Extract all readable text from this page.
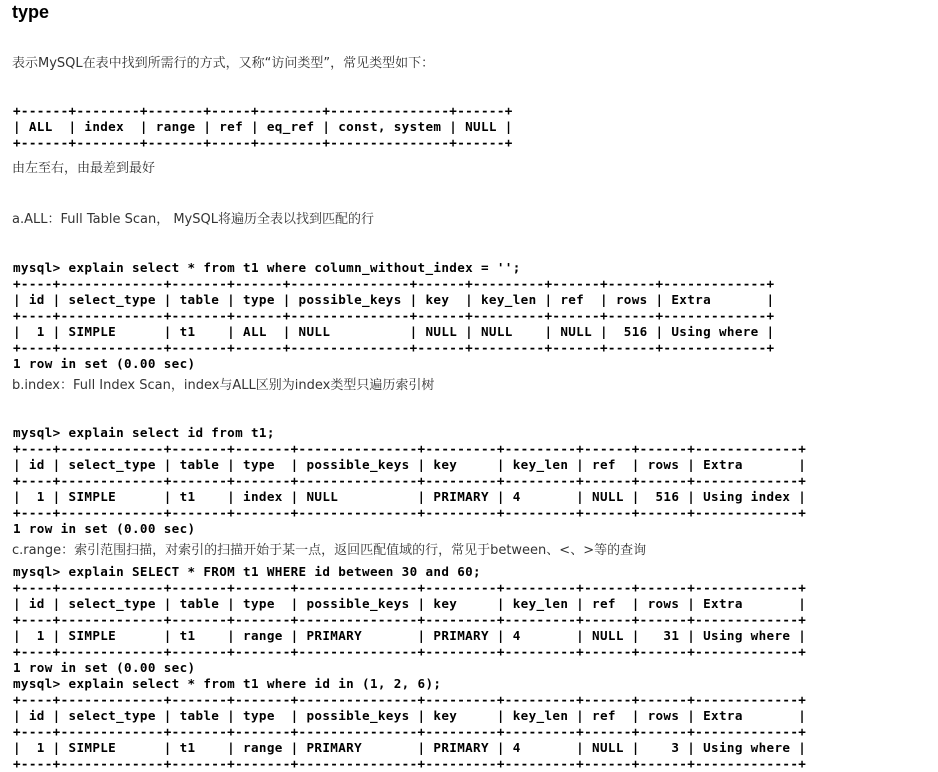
type

表示MySQL在表中找到所需行的方式，又称“访问类型”，常见类型如下：

+------+--------+-------+-----+--------+---------------+------+
| ALL  | index  | range | ref | eq_ref | const, system | NULL |
+------+--------+-------+-----+--------+---------------+------+

由左至右，由最差到最好

a.ALL：Full Table Scan， MySQL将遍历全表以找到匹配的行

mysql> explain select * from t1 where column_without_index = '';
+----+-------------+-------+------+---------------+------+---------+------+------+-------------+
| id | select_type | table | type | possible_keys | key  | key_len | ref  | rows | Extra       |
+----+-------------+-------+------+---------------+------+---------+------+------+-------------+
|  1 | SIMPLE      | t1    | ALL  | NULL          | NULL | NULL    | NULL |  516 | Using where |
+----+-------------+-------+------+---------------+------+---------+------+------+-------------+
1 row in set (0.00 sec)

b.index：Full Index Scan，index与ALL区别为index类型只遍历索引树

mysql> explain select id from t1;
+----+-------------+-------+-------+---------------+---------+---------+------+------+-------------+
| id | select_type | table | type  | possible_keys | key     | key_len | ref  | rows | Extra       |
+----+-------------+-------+-------+---------------+---------+---------+------+------+-------------+
|  1 | SIMPLE      | t1    | index | NULL          | PRIMARY | 4       | NULL |  516 | Using index |
+----+-------------+-------+-------+---------------+---------+---------+------+------+-------------+
1 row in set (0.00 sec)

c.range：索引范围扫描，对索引的扫描开始于某一点，返回匹配值域的行，常见于between、<、>等的查询

mysql> explain SELECT * FROM t1 WHERE id between 30 and 60;
+----+-------------+-------+-------+---------------+---------+---------+------+------+-------------+
| id | select_type | table | type  | possible_keys | key     | key_len | ref  | rows | Extra       |
+----+-------------+-------+-------+---------------+---------+---------+------+------+-------------+
|  1 | SIMPLE      | t1    | range | PRIMARY       | PRIMARY | 4       | NULL |   31 | Using where |
+----+-------------+-------+-------+---------------+---------+---------+------+------+-------------+
1 row in set (0.00 sec)
mysql> explain select * from t1 where id in (1, 2, 6);
+----+-------------+-------+-------+---------------+---------+---------+------+------+-------------+
| id | select_type | table | type  | possible_keys | key     | key_len | ref  | rows | Extra       |
+----+-------------+-------+-------+---------------+---------+---------+------+------+-------------+
|  1 | SIMPLE      | t1    | range | PRIMARY       | PRIMARY | 4       | NULL |    3 | Using where |
+----+-------------+-------+-------+---------------+---------+---------+------+------+-------------+
